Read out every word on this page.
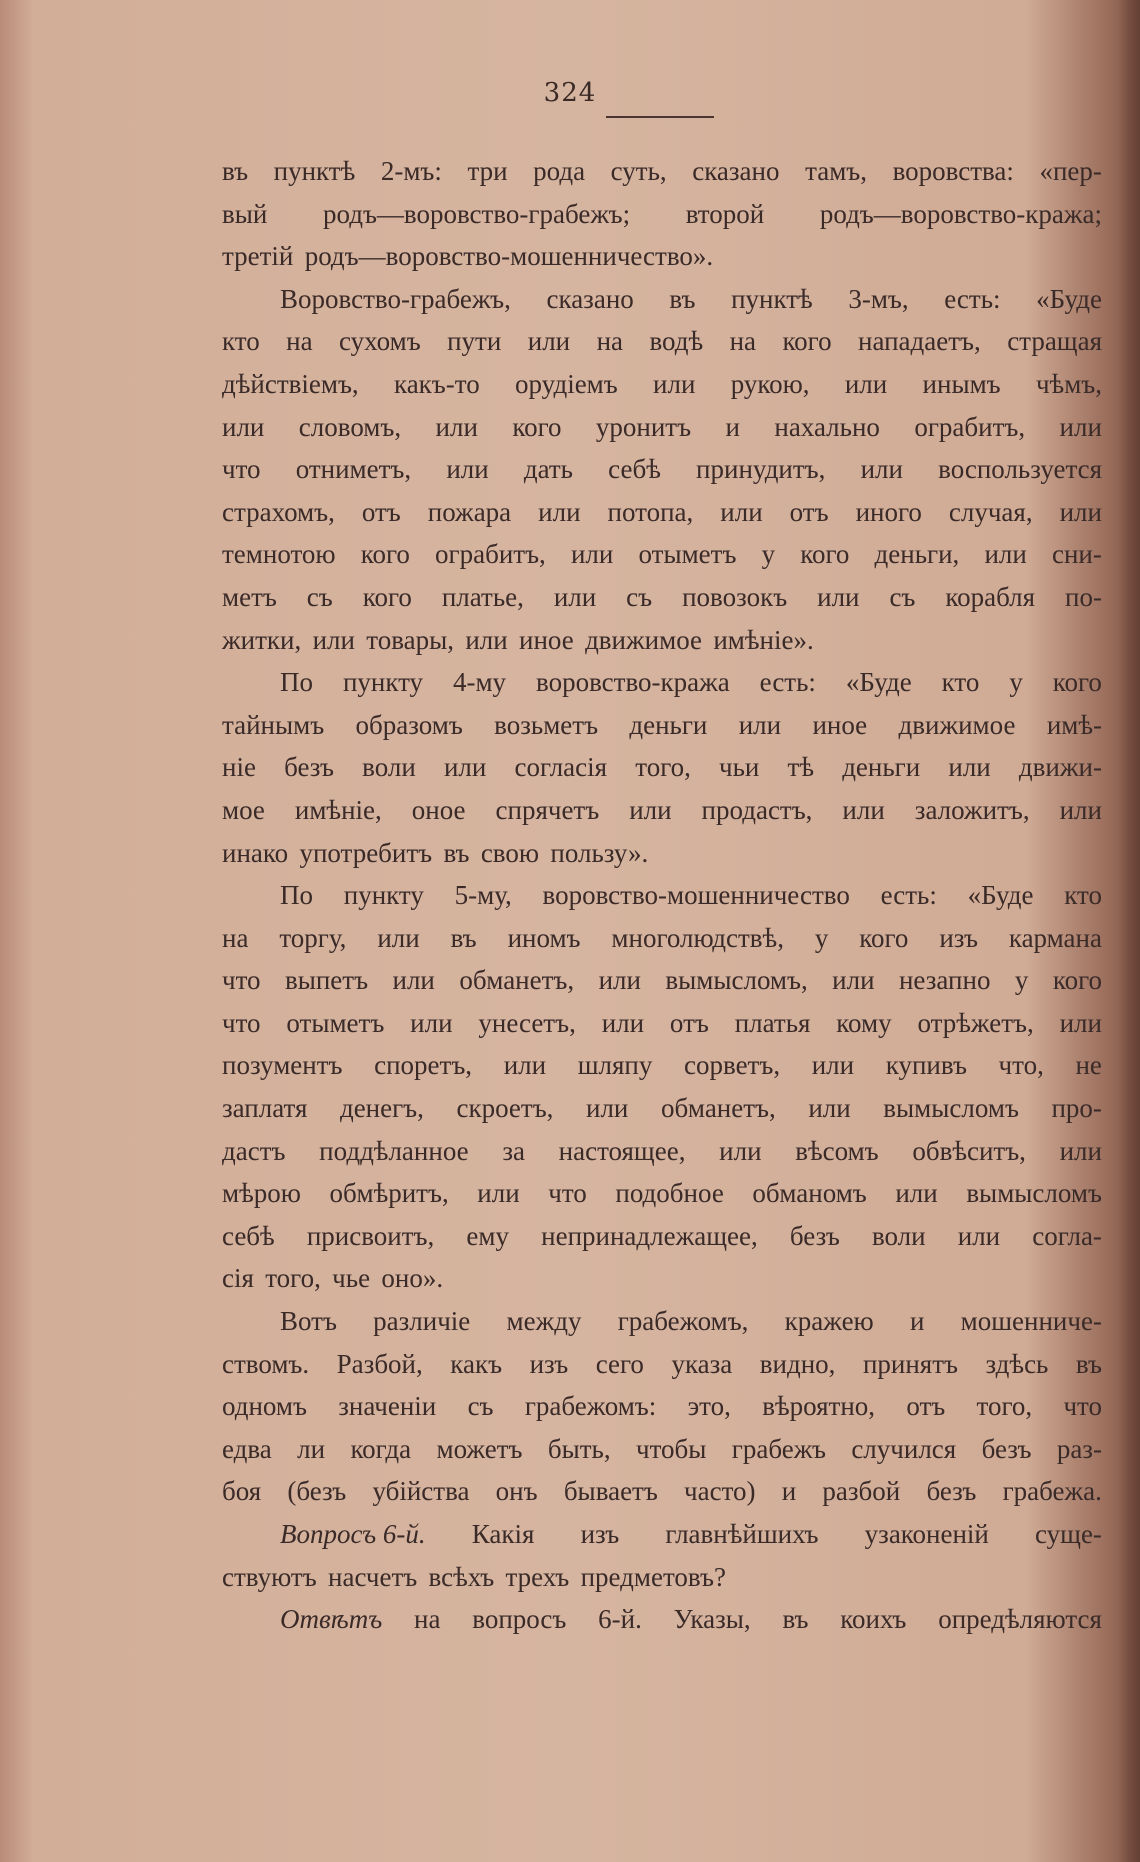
324
въ пунктѣ 2-мъ: три рода суть, сказано тамъ, воровства: «пер-
вый родъ—воровство-грабежъ; второй родъ—воровство-кража;
третій родъ—воровство-мошенничество».
Воровство-грабежъ, сказано въ пунктѣ 3-мъ, есть: «Буде
кто на сухомъ пути или на водѣ на кого нападаетъ, стращая
дѣйствіемъ, какъ-то орудіемъ или рукою, или инымъ чѣмъ,
или словомъ, или кого уронитъ и нахально ограбитъ, или
что отниметъ, или дать себѣ принудитъ, или воспользуется
страхомъ, отъ пожара или потопа, или отъ иного случая, или
темнотою кого ограбитъ, или отыметъ у кого деньги, или сни-
метъ съ кого платье, или съ повозокъ или съ корабля по-
житки, или товары, или иное движимое имѣніе».
По пункту 4-му воровство-кража есть: «Буде кто у кого
тайнымъ образомъ возьметъ деньги или иное движимое имѣ-
ніе безъ воли или согласія того, чьи тѣ деньги или движи-
мое имѣніе, оное спрячетъ или продастъ, или заложитъ, или
инако употребитъ въ свою пользу».
По пункту 5-му, воровство-мошенничество есть: «Буде кто
на торгу, или въ иномъ многолюдствѣ, у кого изъ кармана
что выпетъ или обманетъ, или вымысломъ, или незапно у кого
что отыметъ или унесетъ, или отъ платья кому отрѣжетъ, или
позументъ споретъ, или шляпу сорветъ, или купивъ что, не
заплатя денегъ, скроетъ, или обманетъ, или вымысломъ про-
дастъ поддѣланное за настоящее, или вѣсомъ обвѣситъ, или
мѣрою обмѣритъ, или что подобное обманомъ или вымысломъ
себѣ присвоитъ, ему непринадлежащее, безъ воли или согла-
сія того, чье оно».
Вотъ различіе между грабежомъ, кражею и мошенниче-
ствомъ. Разбой, какъ изъ сего указа видно, принятъ здѣсь въ
одномъ значеніи съ грабежомъ: это, вѣроятно, отъ того, что
едва ли когда можетъ быть, чтобы грабежъ случился безъ раз-
боя (безъ убійства онъ бываетъ часто) и разбой безъ грабежа.
Вопросъ 6-й. Какія изъ главнѣйшихъ узаконеній суще-
ствуютъ насчетъ всѣхъ трехъ предметовъ?
Отвѣтъ на вопросъ 6-й. Указы, въ коихъ опредѣляются
